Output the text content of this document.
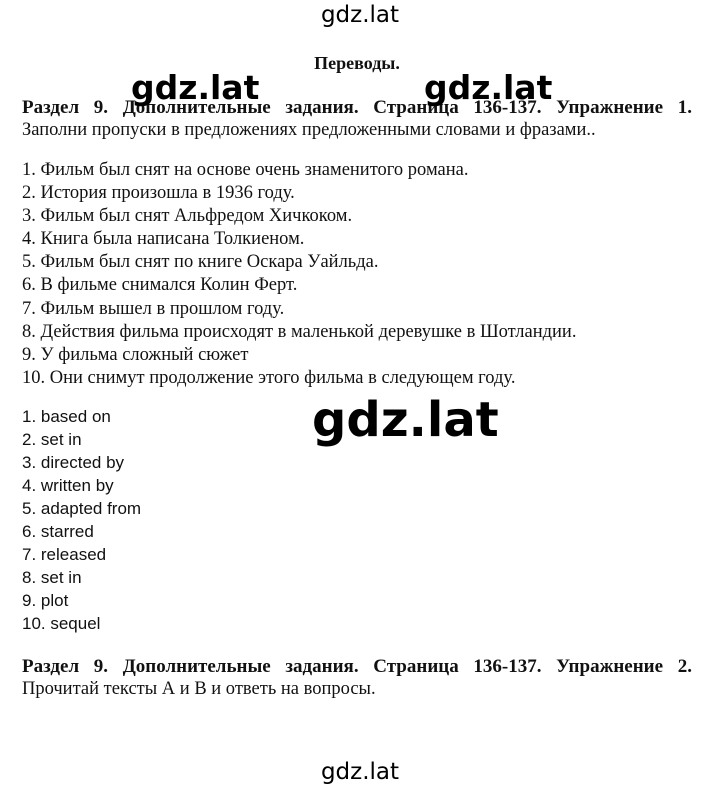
gdz.lat
Переводы.
Раздел 9. Дополнительные задания. Страница 136-137. Упражнение 1.
Заполни пропуски в предложениях предложенными словами и фразами..
1. Фильм был снят на основе очень знаменитого романа.
2. История произошла в 1936 году.
3. Фильм был снят Альфредом Хичкоком.
4. Книга была написана Толкиеном.
5. Фильм был снят по книге Оскара Уайльда.
6. В фильме снимался Колин Ферт.
7. Фильм вышел в прошлом году.
8. Действия фильма происходят в маленькой деревушке в Шотландии.
9. У фильма сложный сюжет
10. Они снимут продолжение этого фильма в следующем году.
1. based on
2. set in
3. directed by
4. written by
5. adapted from
6. starred
7. released
8. set in
9. plot
10. sequel
Раздел 9. Дополнительные задания. Страница 136-137. Упражнение 2.
Прочитай тексты А и В и ответь на вопросы.
gdz.lat	gdz.lat
gdz.lat
gdz.lat
